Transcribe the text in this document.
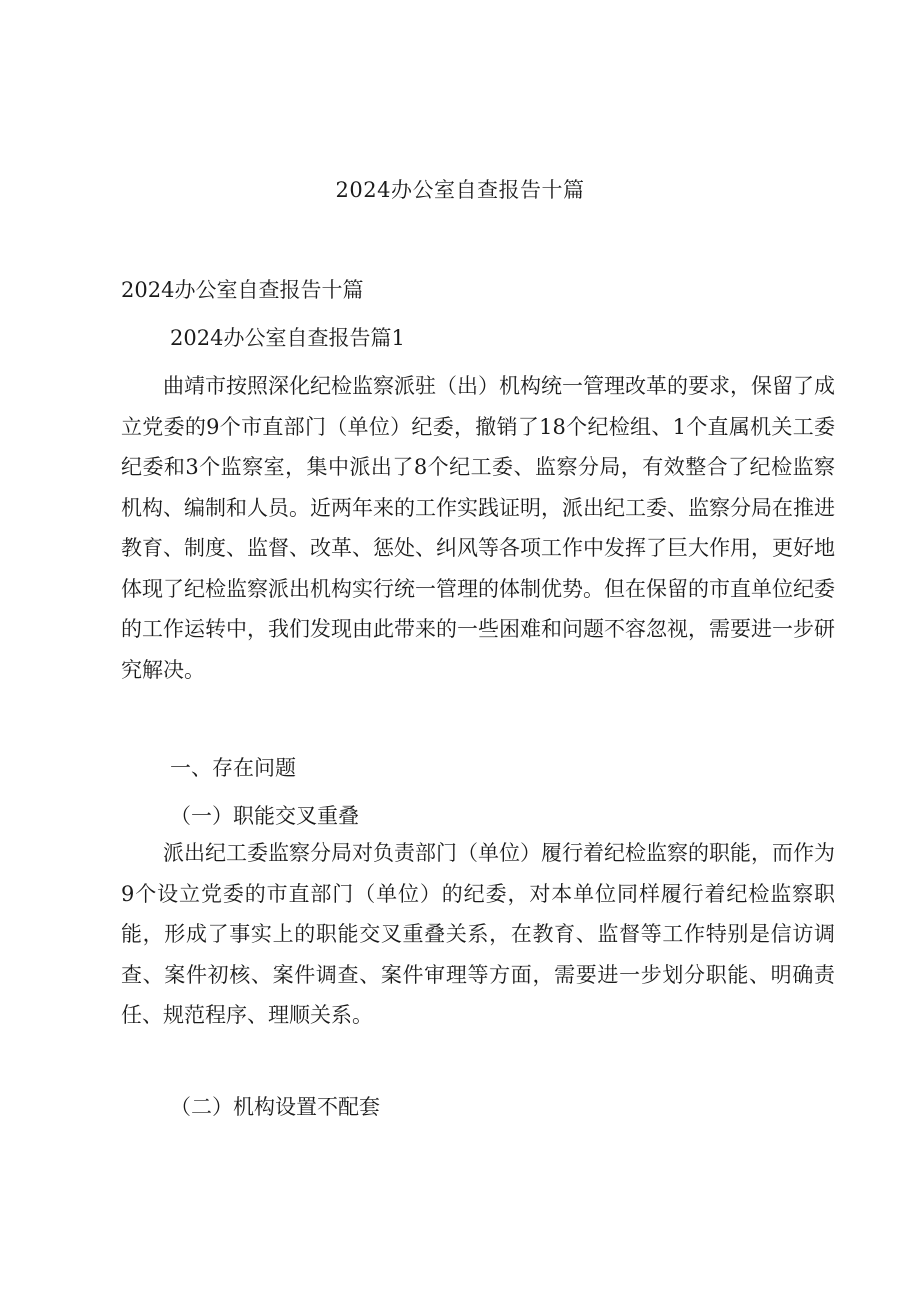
2024办公室自查报告十篇
2024办公室自查报告十篇
2024办公室自查报告篇1

曲靖市按照深化纪检监察派驻（出）机构统一管理改革的要求，保留了成立党委的9个市直部门（单位）纪委，撤销了18个纪检组、1个直属机关工委纪委和3个监察室，集中派出了8个纪工委、监察分局，有效整合了纪检监察机构、编制和人员。近两年来的工作实践证明，派出纪工委、监察分局在推进教育、制度、监督、改革、惩处、纠风等各项工作中发挥了巨大作用，更好地体现了纪检监察派出机构实行统一管理的体制优势。但在保留的市直单位纪委的工作运转中，我们发现由此带来的一些困难和问题不容忽视，需要进一步研究解决。

一、存在问题
（一）职能交叉重叠

派出纪工委监察分局对负责部门（单位）履行着纪检监察的职能，而作为9个设立党委的市直部门（单位）的纪委，对本单位同样履行着纪检监察职能，形成了事实上的职能交叉重叠关系，在教育、监督等工作特别是信访调查、案件初核、案件调查、案件审理等方面，需要进一步划分职能、明确责任、规范程序、理顺关系。

（二）机构设置不配套
